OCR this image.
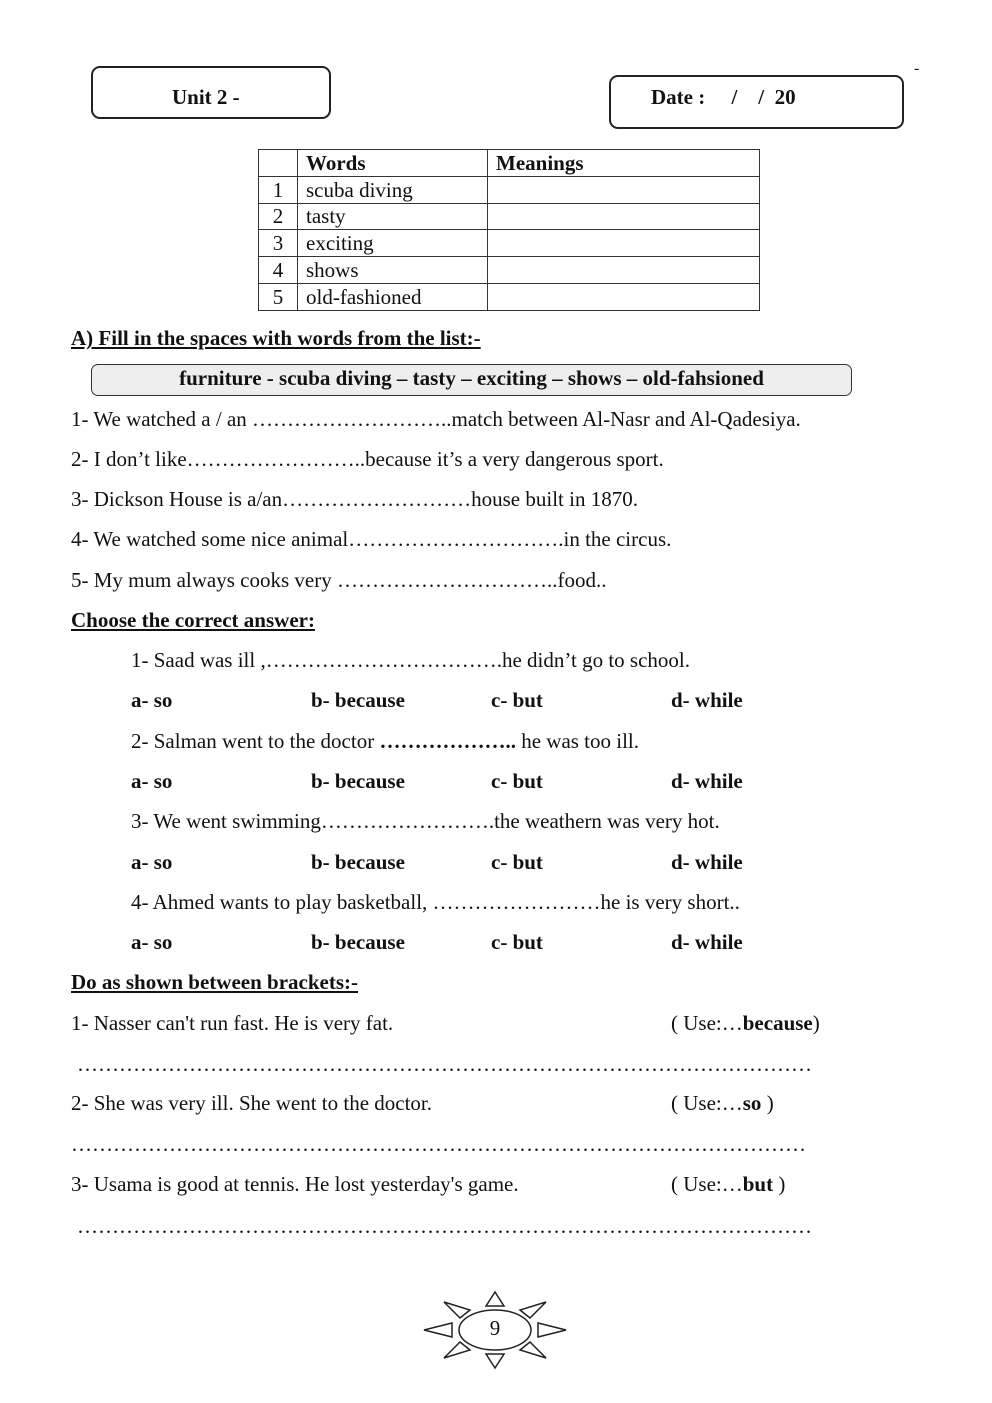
Unit 2 -	Date :     /    /  20
-
	Words	Meanings
1	scuba diving	
2	tasty	
3	exciting	
4	shows	
5	old-fashioned	
A) Fill in the spaces with words from the list:-
furniture - scuba diving – tasty – exciting – shows – old-fahsioned
1- We watched a / an ………………………..match between Al-Nasr and Al-Qadesiya.
2- I don’t like……………………..because it’s a very dangerous sport.
3- Dickson House is a/an………………………house built in 1870.
4- We watched some nice animal………………………….in the circus.
5- My mum always cooks very …………………………..food..
Choose the correct answer:
1- Saad was ill ,…………………………….he didn’t go to school.
a- so	b- because	c- but	d- while
2- Salman went to the doctor ……………….. he was too ill.
a- so	b- because	c- but	d- while
3- We went swimming…………………….the weathern was very hot.
a- so	b- because	c- but	d- while
4- Ahmed wants to play basketball, ……………………he is very short..
a- so	b- because	c- but	d- while
Do as shown between brackets:-
1- Nasser can't run fast. He is very fat.	( Use:…because)
……………………………………………………………………………………………
2- She was very ill. She went to the doctor.	( Use:…so )
……………………………………………………………………………………………
3- Usama is good at tennis. He lost yesterday's game.	( Use:…but )
……………………………………………………………………………………………
9
